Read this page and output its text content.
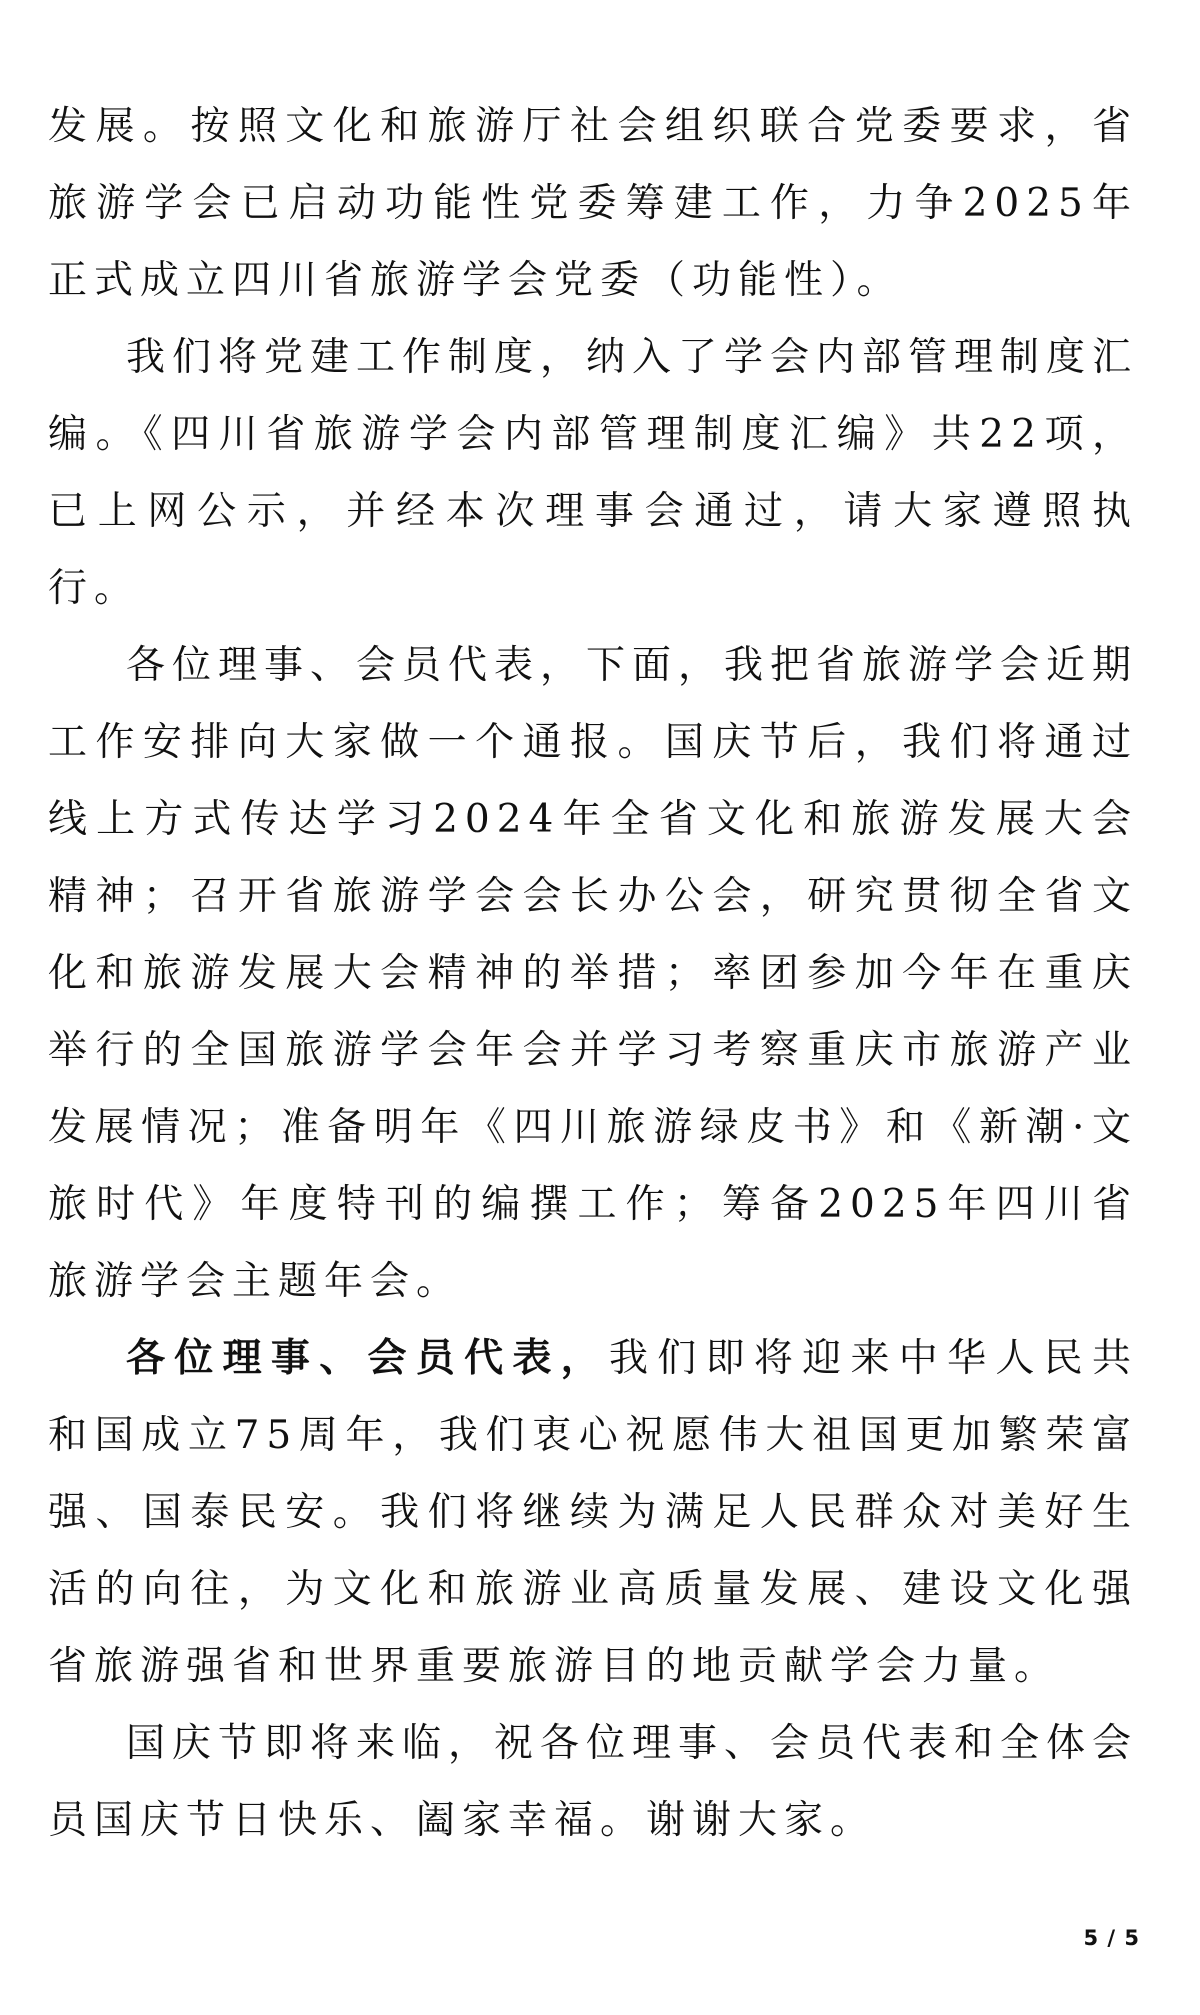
发展。按照文化和旅游厅社会组织联合党委要求，省旅游学会已启动功能性党委筹建工作，力争2025年正式成立四川省旅游学会党委（功能性）。

我们将党建工作制度，纳入了学会内部管理制度汇编。《四川省旅游学会内部管理制度汇编》共22项，已上网公示，并经本次理事会通过，请大家遵照执行。

各位理事、会员代表，下面，我把省旅游学会近期工作安排向大家做一个通报。国庆节后，我们将通过线上方式传达学习2024年全省文化和旅游发展大会精神；召开省旅游学会会长办公会，研究贯彻全省文化和旅游发展大会精神的举措；率团参加今年在重庆举行的全国旅游学会年会并学习考察重庆市旅游产业发展情况；准备明年《四川旅游绿皮书》和《新潮·文旅时代》年度特刊的编撰工作；筹备2025年四川省旅游学会主题年会。

各位理事、会员代表，我们即将迎来中华人民共和国成立75周年，我们衷心祝愿伟大祖国更加繁荣富强、国泰民安。我们将继续为满足人民群众对美好生活的向往，为文化和旅游业高质量发展、建设文化强省旅游强省和世界重要旅游目的地贡献学会力量。

国庆节即将来临，祝各位理事、会员代表和全体会员国庆节日快乐、阖家幸福。谢谢大家。

5 / 5
